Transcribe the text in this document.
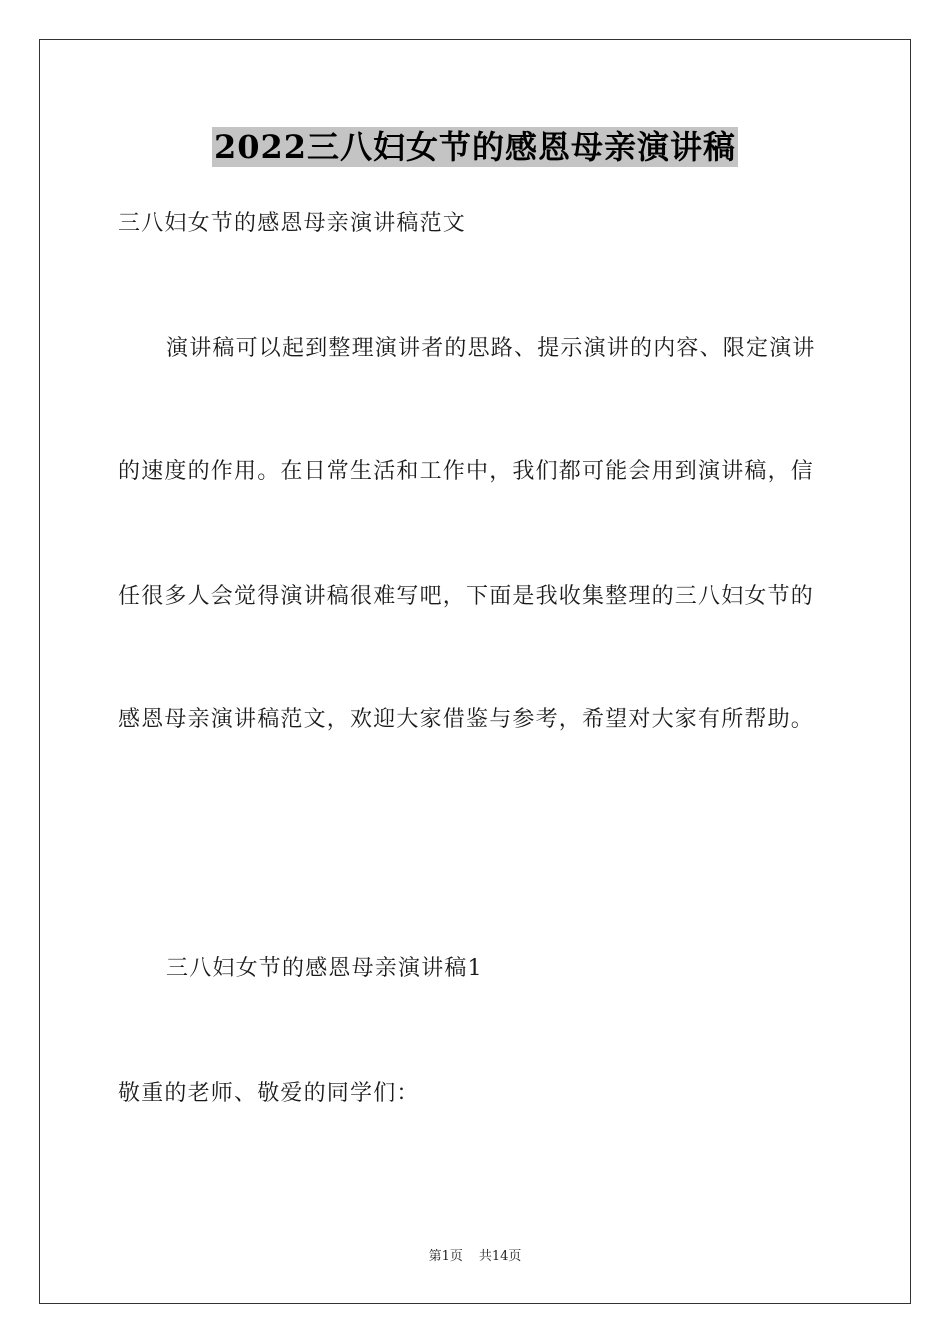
2022三八妇女节的感恩母亲演讲稿
三八妇女节的感恩母亲演讲稿范文
演讲稿可以起到整理演讲者的思路、提示演讲的内容、限定演讲
的速度的作用。在日常生活和工作中，我们都可能会用到演讲稿，信
任很多人会觉得演讲稿很难写吧，下面是我收集整理的三八妇女节的
感恩母亲演讲稿范文，欢迎大家借鉴与参考，希望对大家有所帮助。
三八妇女节的感恩母亲演讲稿1
敬重的老师、敬爱的同学们：
第1页 共14页
